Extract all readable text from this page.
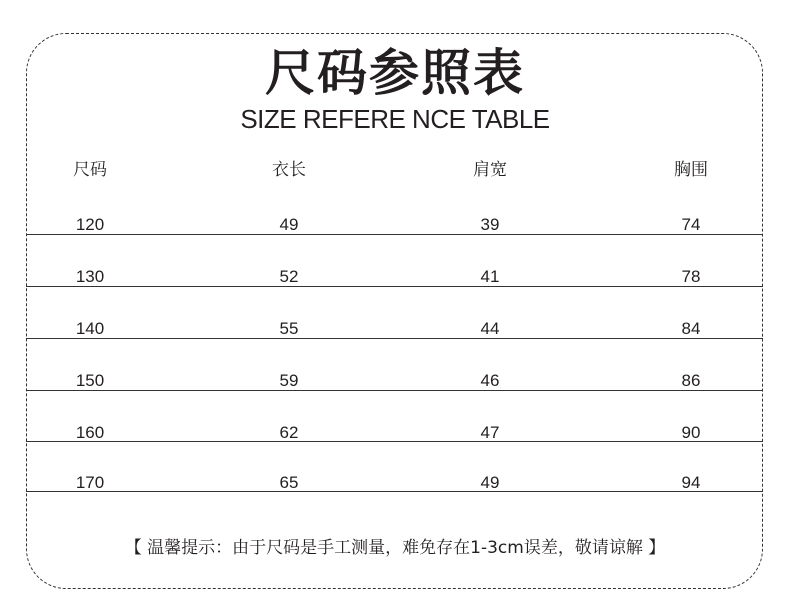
尺码参照表
SIZE REFERE NCE TABLE
尺码	衣长	肩宽	胸围
120	49	39	74
130	52	41	78
140	55	44	84
150	59	46	86
160	62	47	90
170	65	49	94
【 温馨提示：由于尺码是手工测量，难免存在1-3cm误差，敬请谅解 】
